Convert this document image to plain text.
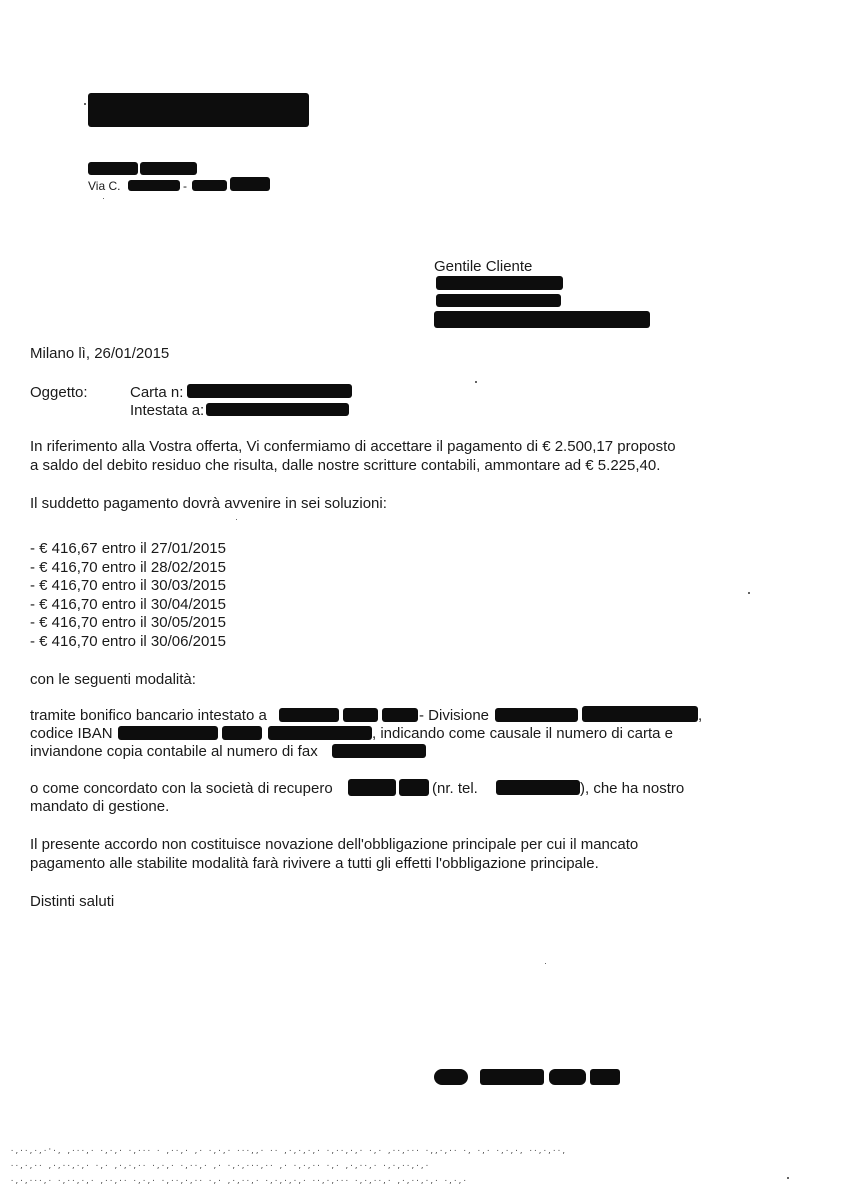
Via C.	-
Gentile Cliente
Milano lì, 26/01/2015
Oggetto:	Carta n:
Intestata a:
In riferimento alla Vostra offerta, Vi confermiamo di accettare il pagamento di € 2.500,17 proposto
a saldo del debito residuo che risulta, dalle nostre scritture contabili, ammontare ad € 5.225,40.
Il suddetto pagamento dovrà avvenire in sei soluzioni:
- € 416,67 entro il 27/01/2015
- € 416,70 entro il 28/02/2015
- € 416,70 entro il 30/03/2015
- € 416,70 entro il 30/04/2015
- € 416,70 entro il 30/05/2015
- € 416,70 entro il 30/06/2015
con le seguenti modalità:
tramite bonifico bancario intestato a	- Divisione	,
codice IBAN	, indicando come causale il numero di carta e
inviandone copia contabile al numero di fax
o come concordato con la società di recupero	(nr. tel.	), che ha nostro
mandato di gestione.
Il presente accordo non costituisce novazione dell'obbligazione principale per cui il mancato
pagamento alle stabilite modalità farà rivivere a tutti gli effetti l'obbligazione principale.
Distinti saluti
·,··,·,·'·, ,···,· ·,·,· ·,··· · ,··,· ,· ·,·,· ···,,· ·· ,·,·,·,· ·,··,·,· ·,· ,··,··· ·,,·,·· ·, ·,· ·,·,·, ··,·,··,
··,·,·· ,·,··,·,· ·,· ,·,·,·· ·,·,· ·,··,· ,· ·,·,···,·· ,· ·,·,·· ·,· ,·,··,· ·,·,··,·,·
·,·,···,· ·,··,·,· ,··,·· ·,·,· ·,··,·,·· ·,· ,·,··,· ·,·,·,·,· ··,·,··· ·,·,··,· ,·,··,·,· ·,·,·
